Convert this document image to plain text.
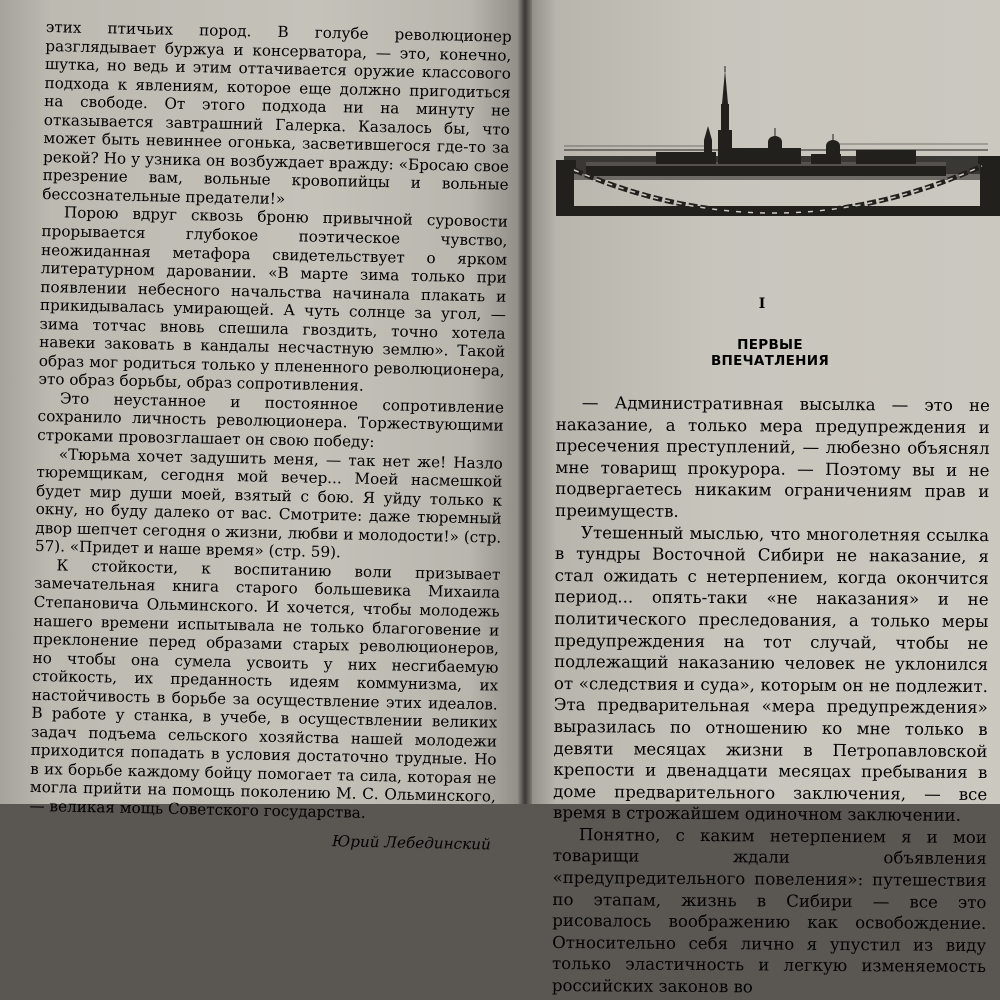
этих птичьих пород. В голубе революционер разглядывает буржуа и консерватора, — это, конечно, шутка, но ведь и этим оттачивается оружие классового подхода к явлениям, которое еще должно пригодиться на свободе. От этого подхода ни на минуту не отказывается завтрашний Галерка. Казалось бы, что может быть невиннее огонька, засветившегося где-то за рекой? Но у узника он возбуждает вражду: «Бросаю свое презрение вам, вольные кровопийцы и вольные бессознательные предатели!»

Порою вдруг сквозь броню привычной суровости прорывается глубокое поэтическое чувство, неожиданная метафора свидетельствует о ярком литературном даровании. «В марте зима только при появлении небесного начальства начинала плакать и прикидывалась умирающей. А чуть солнце за угол, — зима тотчас вновь спешила гвоздить, точно хотела навеки заковать в кандалы несчастную землю». Такой образ мог родиться только у плененного революционера, это образ борьбы, образ сопротивления.

Это неустанное и постоянное сопротивление сохранило личность революционера. Торжествующими строками провозглашает он свою победу:

«Тюрьма хочет задушить меня, — так нет же! Назло тюремщикам, сегодня мой вечер... Моей насмешкой будет мир души моей, взятый с бою. Я уйду только к окну, но буду далеко от вас. Смотрите: даже тюремный двор шепчет сегодня о жизни, любви и молодости!» (стр. 57). «Придет и наше время» (стр. 59).

К стойкости, к воспитанию воли призывает замечательная книга старого большевика Михаила Степановича Ольминского. И хочется, чтобы молодежь нашего времени испытывала не только благоговение и преклонение перед образами старых революционеров, но чтобы она сумела усвоить у них несгибаемую стойкость, их преданность идеям коммунизма, их настойчивость в борьбе за осуществление этих идеалов. В работе у станка, в учебе, в осуществлении великих задач подъема сельского хозяйства нашей молодежи приходится попадать в условия достаточно трудные. Но в их борьбе каждому бойцу помогает та сила, которая не могла прийти на помощь поколению М. С. Ольминского, — великая мощь Советского государства.

Юрий Лебединский
I
ПЕРВЫЕ ВПЕЧАТЛЕНИЯ

— Административная высылка — это не наказание, а только мера предупреждения и пресечения преступлений, — любезно объяснял мне товарищ прокурора. — Поэтому вы и не подвергаетесь никаким ограничениям прав и преимуществ.

Утешенный мыслью, что многолетняя ссылка в тундры Восточной Сибири не наказание, я стал ожидать с нетерпением, когда окончится период... опять-таки «не наказания» и не политического преследования, а только меры предупреждения на тот случай, чтобы не подлежащий наказанию человек не уклонился от «следствия и суда», которым он не подлежит. Эта предварительная «мера предупреждения» выразилась по отношению ко мне только в девяти месяцах жизни в Петропавловской крепости и двенадцати месяцах пребывания в доме предварительного заключения, — все время в строжайшем одиночном заключении.

Понятно, с каким нетерпением я и мои товарищи ждали объявления «предупредительного повеления»: путешествия по этапам, жизнь в Сибири — все это рисовалось воображению как освобождение. Относительно себя лично я упустил из виду только эластичность и легкую изменяемость российских законов во
